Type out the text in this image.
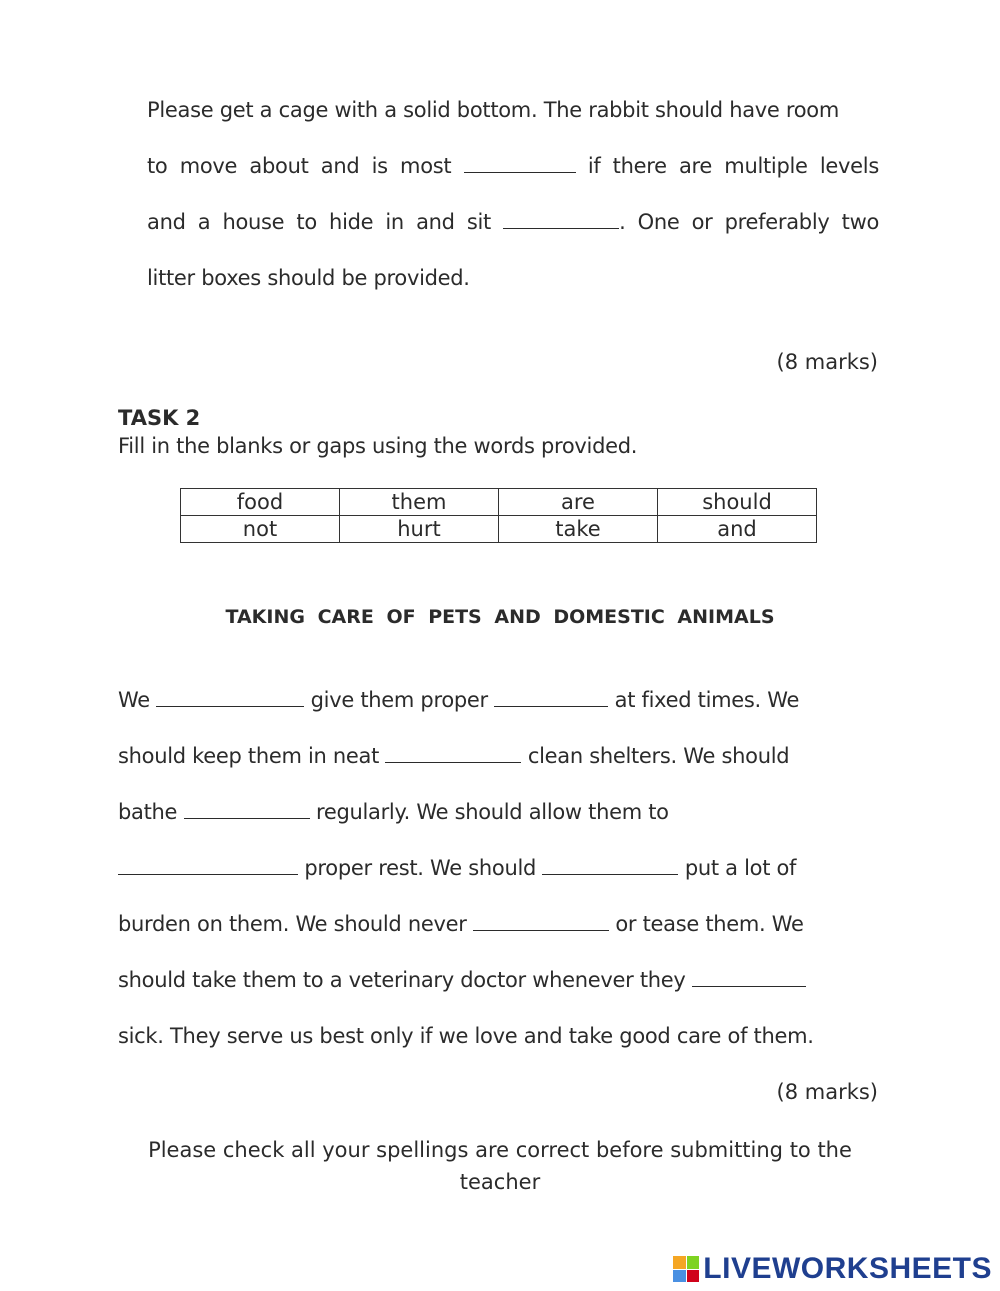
Please get a cage with a solid bottom. The rabbit should have room
to move about and is most	if there are multiple levels
and a house to hide in and sit	. One or preferably two
litter boxes should be provided.
(8 marks)
TASK 2
Fill in the blanks or gaps using the words provided.
food	them	are	should
not	hurt	take	and
TAKING CARE OF PETS AND DOMESTIC ANIMALS
We	give them proper	at fixed times. We
should keep them in neat	clean shelters. We should
bathe	regularly. We should allow them to
proper rest. We should	put a lot of
burden on them. We should never	or tease them. We
should take them to a veterinary doctor whenever they
sick. They serve us best only if we love and take good care of them.
(8 marks)
Please check all your spellings are correct before submitting to the teacher
LIVEWORKSHEETS
